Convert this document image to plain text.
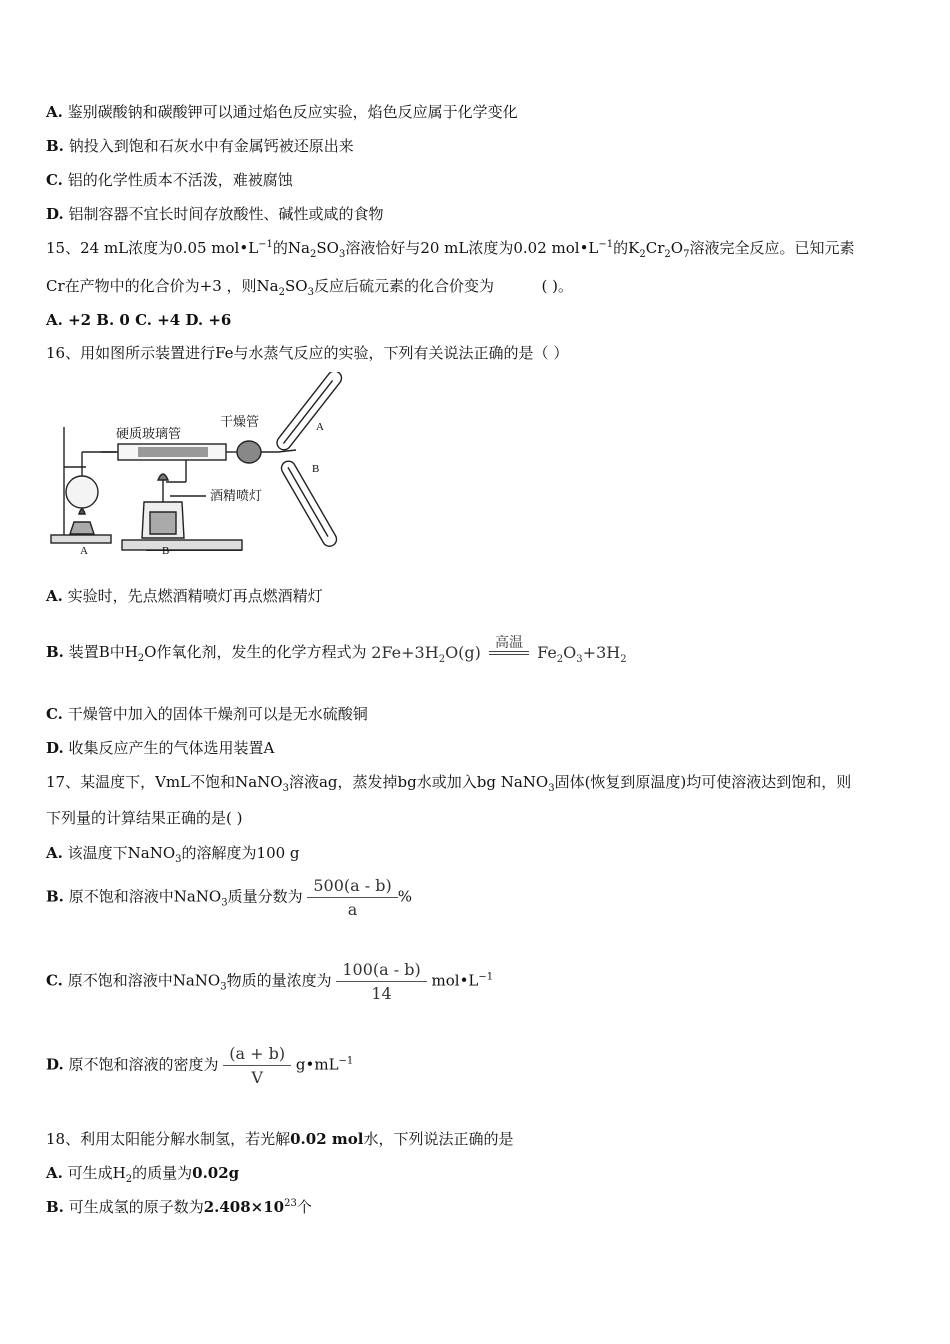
A. 鉴别碳酸钠和碳酸钾可以通过焰色反应实验，焰色反应属于化学变化
B. 钠投入到饱和石灰水中有金属钙被还原出来
C. 铝的化学性质本不活泼，难被腐蚀
D. 铝制容器不宜长时间存放酸性、碱性或咸的食物
15、24 mL浓度为0.05 $mol•L^{-1}$的$Na_2SO_3$溶液恰好与20 mL浓度为0.02 $mol•L^{-1}$的$K_2Cr_2O_7$溶液完全反应。已知元素
Cr在产物中的化合价为+3 ，则$Na_2SO_3$反应后硫元素的化合价变为	( )。
A. +2 B. 0 C. +4 D. +6
16、用如图所示装置进行Fe与水蒸气反应的实验，下列有关说法正确的是（ ）
硬质玻璃管
干燥管
酒精喷灯
A	B
A
B
A. 实验时，先点燃酒精喷灯再点燃酒精灯
B. 装置B中$H_2O$作氧化剂，发生的化学方程式为 $2Fe+3H_2O(g)$	高温 $Fe_2O_3+3H_2$
C. 干燥管中加入的固体干燥剂可以是无水硫酸铜
D. 收集反应产生的气体选用装置A
17、某温度下，VmL不饱和NaNO$_3$溶液ag，蒸发掉bg水或加入bg NaNO$_3$固体(恢复到原温度)均可使溶液达到饱和，则
下列量的计算结果正确的是( )
A. 该温度下NaNO$_3$的溶解度为100 g
B. 原不饱和溶液中NaNO$_3$质量分数为 $\frac{500(a - b)}{a}$ %
C. 原不饱和溶液中NaNO$_3$物质的量浓度为 $\frac{100(a - b)}{14}$ $mol•L^{-1}$
D. 原不饱和溶液的密度为 $\frac{(a + b)}{V}$ $g•mL^{-1}$
18、利用太阳能分解水制氢，若光解0.02 mol水，下列说法正确的是
A. 可生成$H_2$的质量为0.02g
B. 可生成氢的原子数为$2.408\times 10^{23}$个
